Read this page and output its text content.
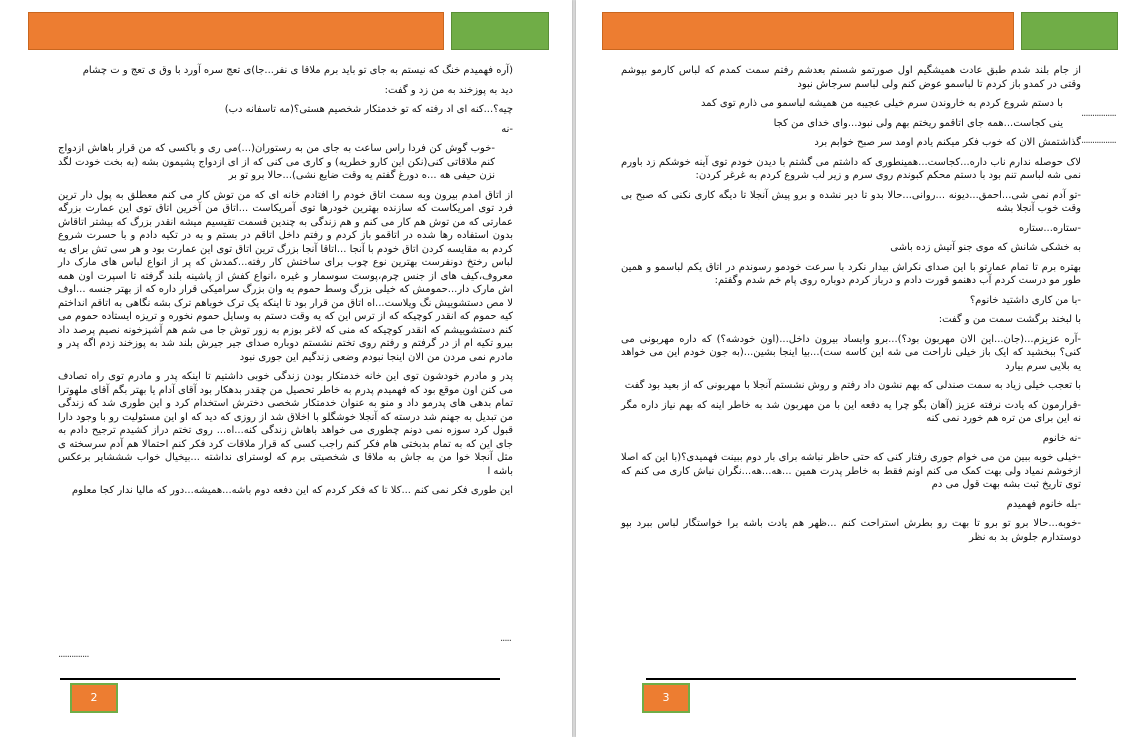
(آره فهمیدم خنگ که نیستم به جای تو باید برم ملاقا ی نفر...جا)ی تعج سره آورد با وق ی تعج و ت چشام

دید به پوزخند به من زد و گفت:

چیه؟...کنه ای اد رفته که تو خدمتکار شخصیم هستی؟(مه تاسفانه دب)

-نه

-خوب گوش کن فردا راس ساعت به جای من به رستوران(...)می ری و باکسی که من قرار باهاش ازدواج کنم ملاقاتی کنی(نکن این کارو خطریه) و کاری می کنی که از ای ازدواج پشیمون بشه (به بخت خودت لگد نزن حیفی هه ...ه دورغ گفتم یه وقت ضایع نشی)...حالا برو تو بر

از اتاق امدم بیرون وبه سمت اتاق خودم را افتادم خانه ای که من توش کار می کنم معطلق به پول دار ترین فرد توی امریکاست که سازنده بهترین خودرها توی آمریکاست ...اتاق من آخرین اتاق توی این عمارت بزرگه عمارتی که من توش هم کار می کنم و هم زندگی به چندین قسمت تقیسیم میشه انقدر بزرگ که بیشتر اتاقاش بدون استفاده رها شده در اتاقمو باز کردم و رفتم داخل اتاقم در بستم و به در تکیه دادم و با حسرت شروع کردم به مقایسه کردن اتاق خودم با آنجا ...اتاقا آنجا بزرگ ترین اتاق توی این عمارت بود و هر سی تش برای یه لباس رختخ دونفرست بهترین نوع چوب برای ساختش کار رفته...کمدش که پر از انواع لباس های مارک دار معروف،کیف های از جنس چرم،پوست سوسمار و غیره ،انواع کفش از پاشینه بلند گرفته تا اسپرت اون همه اش مارک دار...حمومش که خیلی بزرگ وسط حموم یه وان بزرگ سرامیکی قرار داره که از بهتر جنسه ...اوف لا مص دستشوییش نگ ویلاست...اه اتاق من قرار بود تا اینکه یک ترک خوباهم ترک بشه نگاهی به اتاقم انداختم کیه حموم که انقدر کوچیکه که از ترس این که یه وقت دستم به وسایل حموم نخوره و تریزه ایستاده حموم می کنم دستشوییشم که انقدر کوچیکه که منی که لاغر بوزم به زور توش جا می شم هم آشپزخونه نصیم پرصد داد بیرو تکیه ام از در گرفتم و رفتم روی تختم نشستم دوباره صدای جیر جیرش بلند شد به پوزخند زدم اگه پدر و مادرم نمی مردن من الان اینجا نبودم وضعی زندگیم این جوری نبود

پدر و مادرم خودشون توی این خانه خدمتکار بودن زندگی خوبی داشتیم تا اینکه پدر و مادرم توی راه تصادف می کنن اون موقع بود که فهمیدم پدرم به خاطر تحصیل من چقدر بدهکار بود آقای آدام یا بهتر بگم آقای ملهوترا تمام بدهی های پدرمو داد و منو به عنوان خدمتکار شخصی دخترش استخدام کرد و این طوری شد که زندگی من تبدیل به جهنم شد درسته که آنجلا خوشگلو با اخلاق شد از روزی که دید که او این مسئولیت رو با وجود دارا قبول کرد سوزه نمی دونم چطوری می خواهد باهاش زندگی کنه...اه... روی تختم دراز کشیدم ترجیح دادم به جای این که به تمام بدبختی هام فکر کنم راجب کسی که قرار ملاقات کرد فکر کنم احتمالا هم آدم سرسخته ی مثل آنجلا خوا من به جاش به ملاقا ی شخصیتی برم که لوسترای نداشته ...بیخیال خواب شششایر برعکس باشه ا

این طوری فکر نمی کنم ...کلا تا که فکر کردم که این دفعه دوم باشه...همیشه...دور که مالیا ندار کجا معلوم

..............
.....
2

از جام بلند شدم طبق عادت همیشگیم اول صورتمو شستم بعدشم رفتم سمت کمدم که لباس کارمو بپوشم وقتی در کمدو باز کردم تا لباسمو عوض کنم ولی لباسم سرجاش نبود

با دستم شروع کردم به خاروندن سرم خیلی عجیبه من همیشه لباسمو می ذارم توی کمد

ینی کجاست...همه جای اتاقمو ریختم بهم ولی نبود...وای خدای من کجا

گذاشتمش الان که خوب فکر میکنم یادم اومد سر صبح خوابم برد

لاک حوصله ندارم ناب داره...کجاست...همینطوری که داشتم می گشتم با دیدن خودم توی آینه خوشکم زد باورم نمی شه لباسم تنم بود با دستم محکم کبوندم روی سرم و زیر لب شروع کردم به غرغر کردن:

-تو آدم نمی شی...احمق...دیونه ...روانی...حالا بدو تا دیر نشده و برو پیش آنجلا تا دیگه کاری نکنی که صبح بی وقت خوب آنجلا بشه

-ستاره...ستاره

به خشکی شانش که موی جنو آتیش زده باشی

بهتره برم تا تمام عمارتو با این صدای نکراش بیدار نکرد با سرعت خودمو رسوندم در اتاق یکم لباسمو و همین طور مو درست کردم آب دهنمو قورت دادم و درباز کردم دوباره روی پام خم شدم وگفتم:

-با من کاری داشتید خانوم؟

با لبخند برگشت سمت من و گفت:

-آره عزیزم...(جان...این الان مهربون بود؟)...برو وایساد بیرون داخل...(اون خودشه؟) که داره مهربونی می کنی؟ ببخشید که ایک باز خیلی ناراحت می شه این کاسه ست)...بیا اینجا بشین...(به جون خودم این می خواهد یه بلایی سرم بیارد

با تعجب خیلی زیاد به سمت صندلی که بهم نشون داد رفتم و روش نشستم آنجلا با مهربونی که از بعید بود گفت

-قرارمون که یادت نرفته عزیز (آهان بگو چرا یه دفعه این با من مهربون شد به خاطر اینه که بهم نیاز داره مگر نه این برای من تره هم خورد نمی کنه

-نه خانوم

-خیلی خوبه ببین من می خوام جوری رفتار کنی که حتی حاظر نباشه برای بار دوم ببینت فهمیدی؟(با این که اصلا ازخوشم نمیاد ولی بهت کمک می کنم اونم فقط به خاطر پدرت همین ...هه...هه...نگران نباش کاری می کنم که توی تاریخ ثبت بشه بهت قول می دم

-بله خانوم فهمیدم

-خوبه...حالا برو تو برو تا بهت رو بطرش استراحت کنم ...ظهر هم یادت باشه برا خواستگار لباس ببرد بپو دوستدارم جلوش بد به نظر

................
................
3
